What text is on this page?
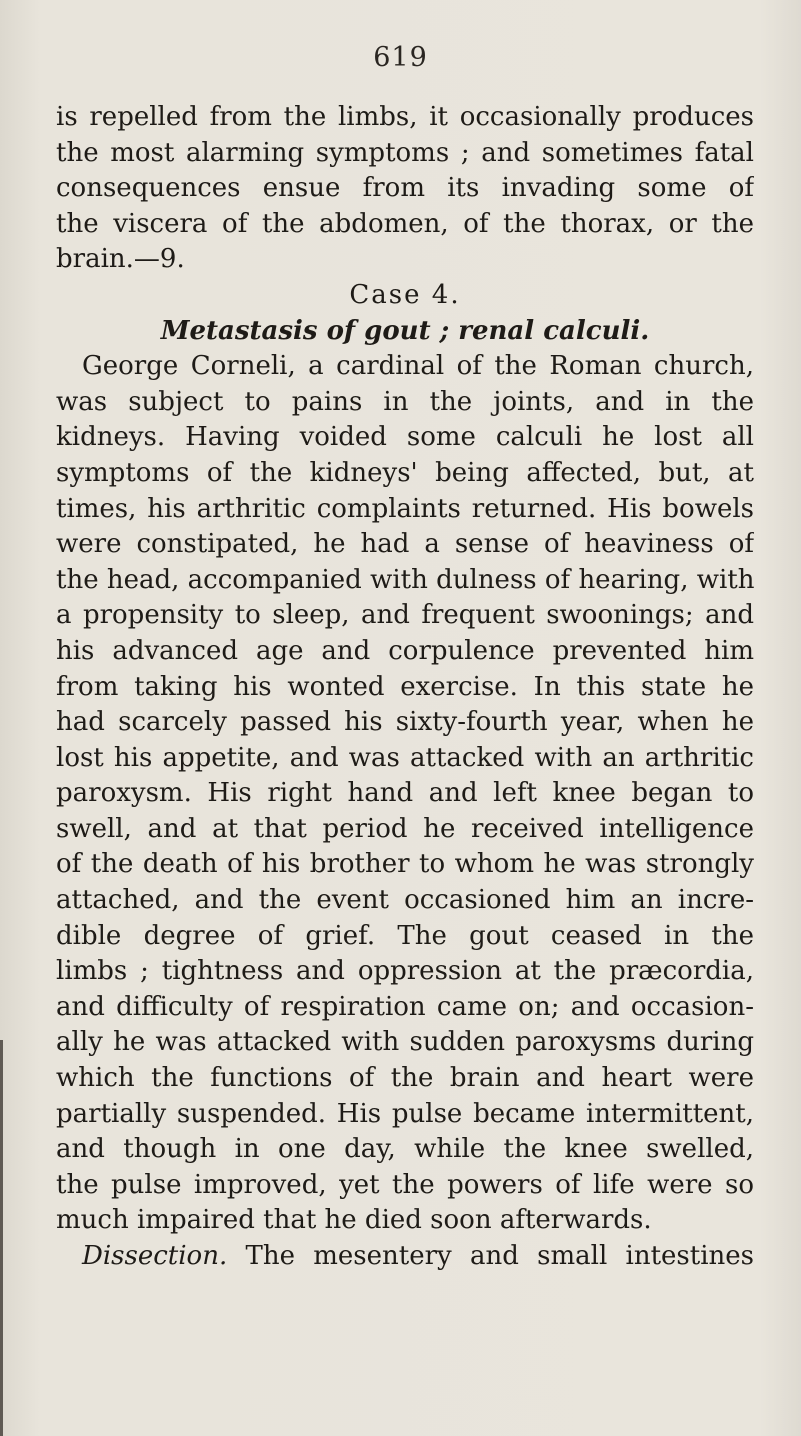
619
is repelled from the limbs, it occasionally produces
the most alarming symptoms ; and sometimes fatal
consequences ensue from its invading some of
the viscera of the abdomen, of the thorax, or the
brain.—9.
Case 4.
Metastasis of gout ; renal calculi.
George Corneli, a cardinal of the Roman church,
was subject to pains in the joints, and in the
kidneys. Having voided some calculi he lost all
symptoms of the kidneys' being affected, but, at
times, his arthritic complaints returned. His bowels
were constipated, he had a sense of heaviness of
the head, accompanied with dulness of hearing, with
a propensity to sleep, and frequent swoonings; and
his advanced age and corpulence prevented him
from taking his wonted exercise. In this state he
had scarcely passed his sixty-fourth year, when he
lost his appetite, and was attacked with an arthritic
paroxysm. His right hand and left knee began to
swell, and at that period he received intelligence
of the death of his brother to whom he was strongly
attached, and the event occasioned him an incre-
dible degree of grief. The gout ceased in the
limbs ; tightness and oppression at the præcordia,
and difficulty of respiration came on; and occasion-
ally he was attacked with sudden paroxysms during
which the functions of the brain and heart were
partially suspended. His pulse became intermittent,
and though in one day, while the knee swelled,
the pulse improved, yet the powers of life were so
much impaired that he died soon afterwards.
Dissection. The mesentery and small intestines
